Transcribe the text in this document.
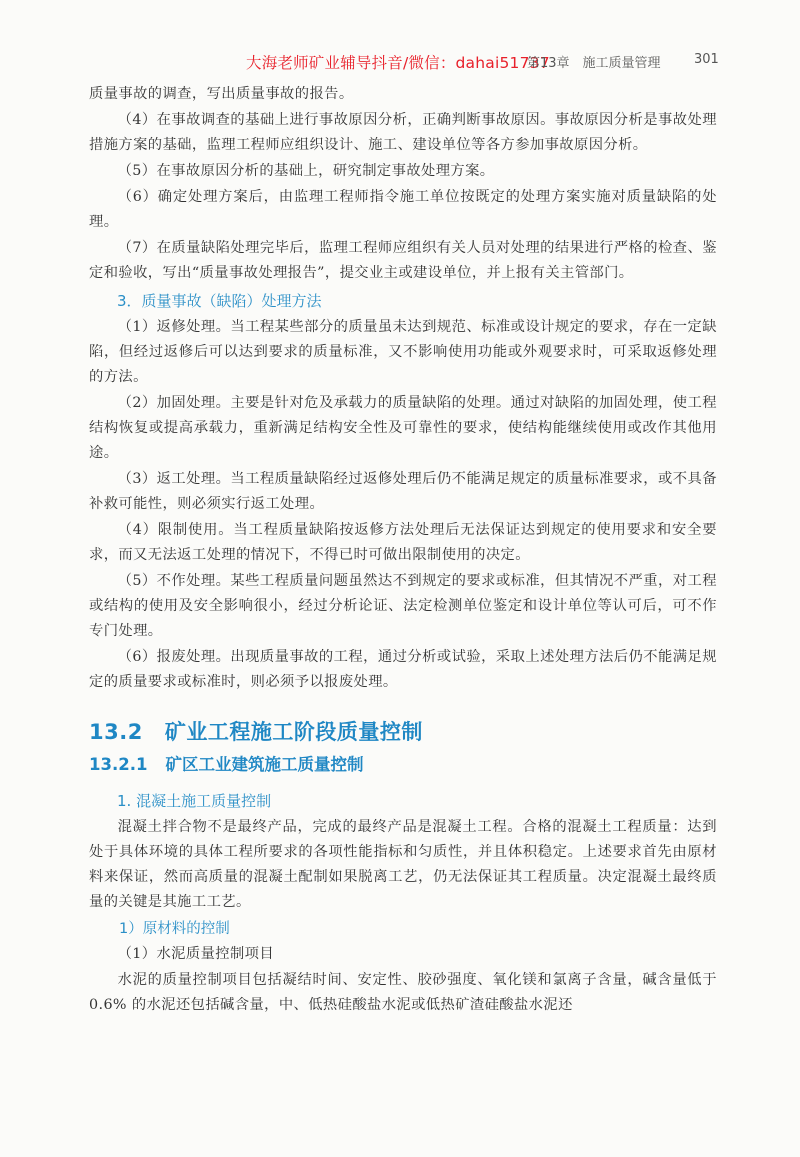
大海老师矿业辅导抖音/微信：dahai51737
第13章　施工质量管理	301

质量事故的调查，写出质量事故的报告。

（4）在事故调查的基础上进行事故原因分析，正确判断事故原因。事故原因分析是事故处理措施方案的基础，监理工程师应组织设计、施工、建设单位等各方参加事故原因分析。

（5）在事故原因分析的基础上，研究制定事故处理方案。

（6）确定处理方案后，由监理工程师指令施工单位按既定的处理方案实施对质量缺陷的处理。

（7）在质量缺陷处理完毕后，监理工程师应组织有关人员对处理的结果进行严格的检查、鉴定和验收，写出“质量事故处理报告”，提交业主或建设单位，并上报有关主管部门。

3．质量事故（缺陷）处理方法

（1）返修处理。当工程某些部分的质量虽未达到规范、标准或设计规定的要求，存在一定缺陷，但经过返修后可以达到要求的质量标准，又不影响使用功能或外观要求时，可采取返修处理的方法。

（2）加固处理。主要是针对危及承载力的质量缺陷的处理。通过对缺陷的加固处理，使工程结构恢复或提高承载力，重新满足结构安全性及可靠性的要求，使结构能继续使用或改作其他用途。

（3）返工处理。当工程质量缺陷经过返修处理后仍不能满足规定的质量标准要求，或不具备补救可能性，则必须实行返工处理。

（4）限制使用。当工程质量缺陷按返修方法处理后无法保证达到规定的使用要求和安全要求，而又无法返工处理的情况下，不得已时可做出限制使用的决定。

（5）不作处理。某些工程质量问题虽然达不到规定的要求或标准，但其情况不严重，对工程或结构的使用及安全影响很小，经过分析论证、法定检测单位鉴定和设计单位等认可后，可不作专门处理。

（6）报废处理。出现质量事故的工程，通过分析或试验，采取上述处理方法后仍不能满足规定的质量要求或标准时，则必须予以报废处理。

13.2 矿业工程施工阶段质量控制
13.2.1 矿区工业建筑施工质量控制
1. 混凝土施工质量控制

混凝土拌合物不是最终产品，完成的最终产品是混凝土工程。合格的混凝土工程质量：达到处于具体环境的具体工程所要求的各项性能指标和匀质性，并且体积稳定。上述要求首先由原材料来保证，然而高质量的混凝土配制如果脱离工艺，仍无法保证其工程质量。决定混凝土最终质量的关键是其施工工艺。

1）原材料的控制

（1）水泥质量控制项目

水泥的质量控制项目包括凝结时间、安定性、胶砂强度、氧化镁和氯离子含量，碱含量低于 0.6% 的水泥还包括碱含量，中、低热硅酸盐水泥或低热矿渣硅酸盐水泥还
